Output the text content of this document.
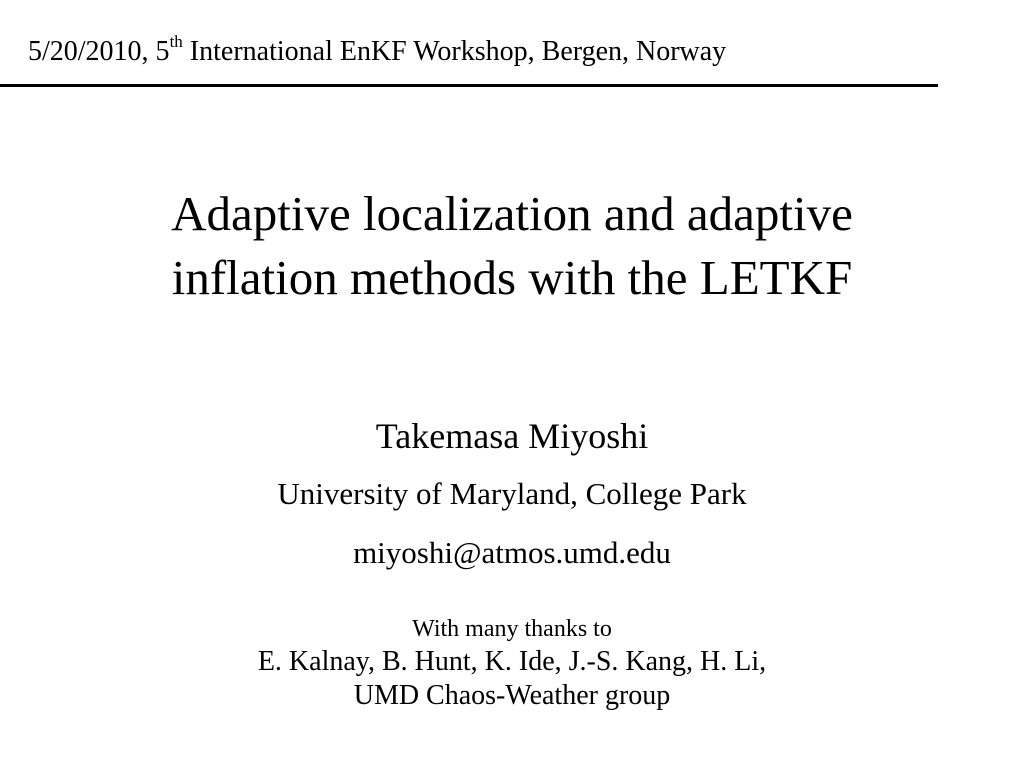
5/20/2010, 5th International EnKF Workshop, Bergen, Norway
Adaptive localization and adaptive
inflation methods with the LETKF
Takemasa Miyoshi
University of Maryland, College Park
miyoshi@atmos.umd.edu
With many thanks to
E. Kalnay, B. Hunt, K. Ide, J.-S. Kang, H. Li,
UMD Chaos-Weather group
